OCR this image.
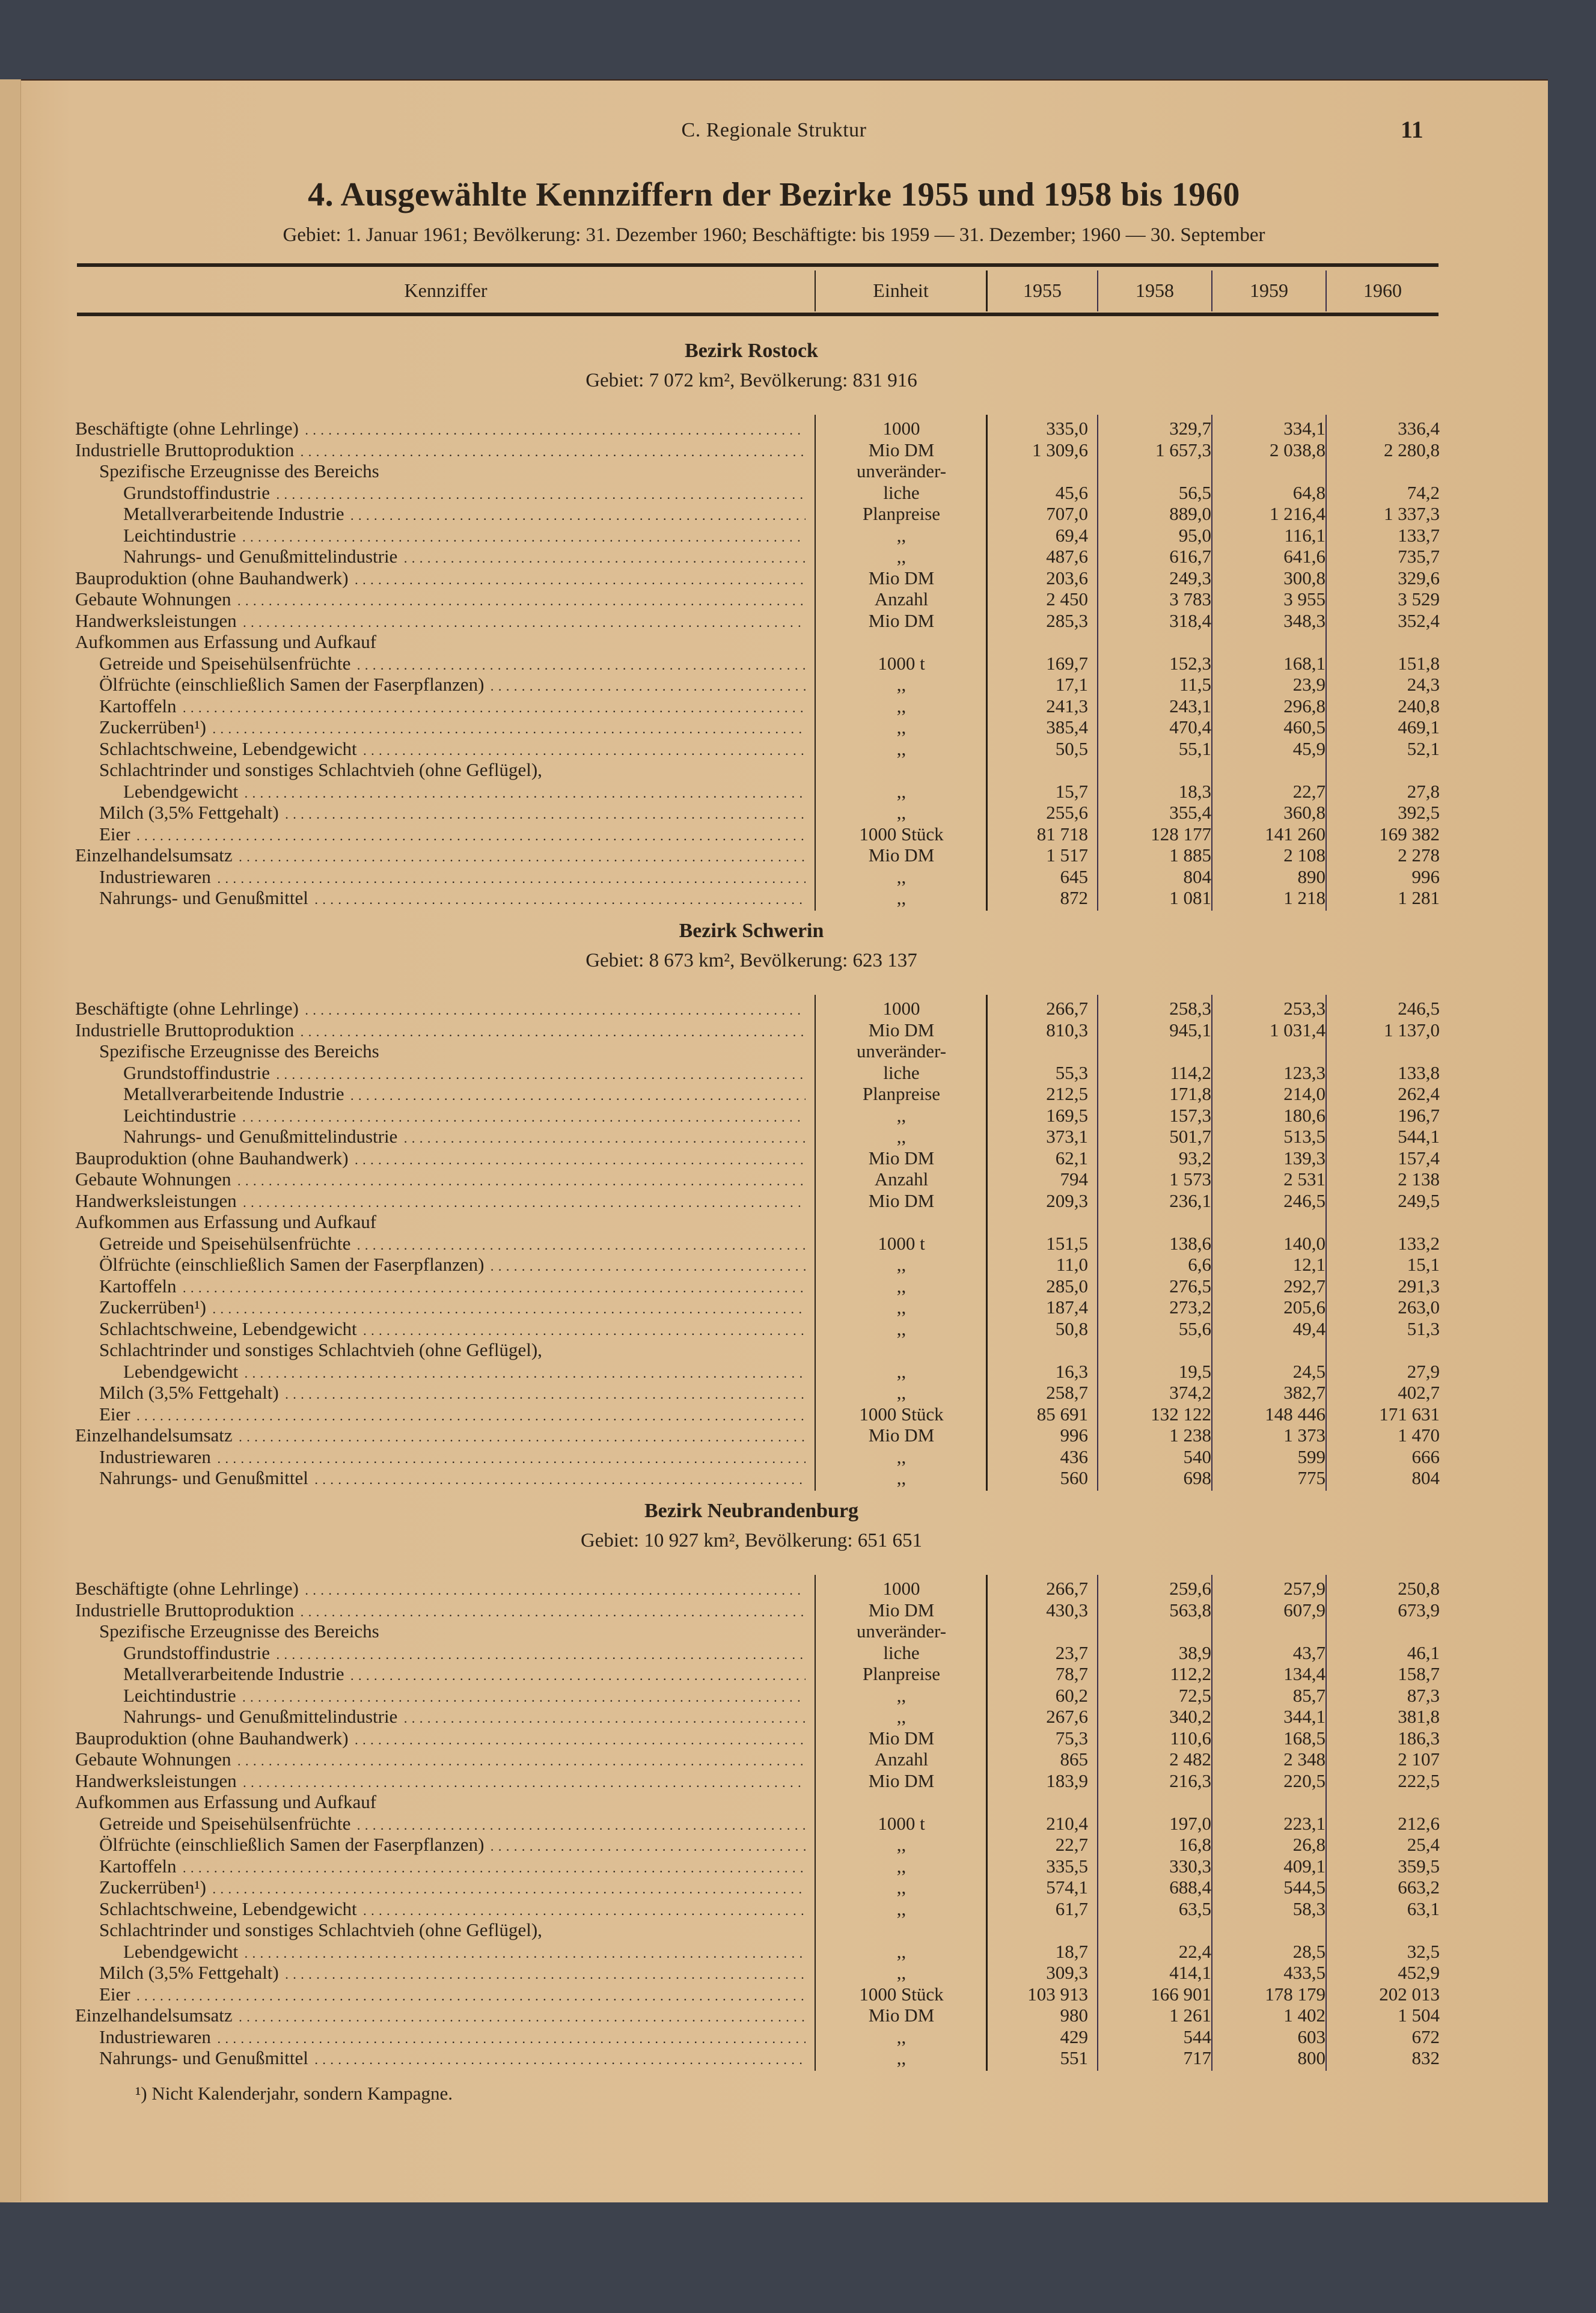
C. Regionale Struktur	11
4. Ausgewählte Kennziffern der Bezirke 1955 und 1958 bis 1960
Gebiet: 1. Januar 1961; Bevölkerung: 31. Dezember 1960; Beschäftigte: bis 1959 — 31. Dezember; 1960 — 30. September
Kennziffer	Einheit	1955	1958	1959	1960
Bezirk Rostock
Gebiet: 7 072 km², Bevölkerung: 831 916
Beschäftigte (ohne Lehrlinge) . . .	1000	335,0	329,7	334,1	336,4
Industrielle Bruttoproduktion . . .	Mio DM	1 309,6	1 657,3	2 038,8	2 280,8
Spezifische Erzeugnisse des Bereichs	unveränder-
Grundstoffindustrie . . .	liche	45,6	56,5	64,8	74,2
Metallverarbeitende Industrie . . .	Planpreise	707,0	889,0	1 216,4	1 337,3
Leichtindustrie . . .	,,	69,4	95,0	116,1	133,7
Nahrungs- und Genußmittelindustrie . . .	,,	487,6	616,7	641,6	735,7
Bauproduktion (ohne Bauhandwerk) . . .	Mio DM	203,6	249,3	300,8	329,6
Gebaute Wohnungen . . .	Anzahl	2 450	3 783	3 955	3 529
Handwerksleistungen . . .	Mio DM	285,3	318,4	348,3	352,4
Aufkommen aus Erfassung und Aufkauf
Getreide und Speisehülsenfrüchte . . .	1000 t	169,7	152,3	168,1	151,8
Ölfrüchte (einschließlich Samen der Faserpflanzen) . . .	,,	17,1	11,5	23,9	24,3
Kartoffeln . . .	,,	241,3	243,1	296,8	240,8
Zuckerrüben¹) . . .	,,	385,4	470,4	460,5	469,1
Schlachtschweine, Lebendgewicht . . .	,,	50,5	55,1	45,9	52,1
Schlachtrinder und sonstiges Schlachtvieh (ohne Geflügel),
Lebendgewicht . . .	,,	15,7	18,3	22,7	27,8
Milch (3,5% Fettgehalt) . . .	,,	255,6	355,4	360,8	392,5
Eier . . .	1000 Stück	81 718	128 177	141 260	169 382
Einzelhandelsumsatz . . .	Mio DM	1 517	1 885	2 108	2 278
Industriewaren . . .	,,	645	804	890	996
Nahrungs- und Genußmittel . . .	,,	872	1 081	1 218	1 281
Bezirk Schwerin
Gebiet: 8 673 km², Bevölkerung: 623 137
Beschäftigte (ohne Lehrlinge) . . .	1000	266,7	258,3	253,3	246,5
Industrielle Bruttoproduktion . . .	Mio DM	810,3	945,1	1 031,4	1 137,0
Spezifische Erzeugnisse des Bereichs	unveränder-
Grundstoffindustrie . . .	liche	55,3	114,2	123,3	133,8
Metallverarbeitende Industrie . . .	Planpreise	212,5	171,8	214,0	262,4
Leichtindustrie . . .	,,	169,5	157,3	180,6	196,7
Nahrungs- und Genußmittelindustrie . . .	,,	373,1	501,7	513,5	544,1
Bauproduktion (ohne Bauhandwerk) . . .	Mio DM	62,1	93,2	139,3	157,4
Gebaute Wohnungen . . .	Anzahl	794	1 573	2 531	2 138
Handwerksleistungen . . .	Mio DM	209,3	236,1	246,5	249,5
Aufkommen aus Erfassung und Aufkauf
Getreide und Speisehülsenfrüchte . . .	1000 t	151,5	138,6	140,0	133,2
Ölfrüchte (einschließlich Samen der Faserpflanzen) . . .	,,	11,0	6,6	12,1	15,1
Kartoffeln . . .	,,	285,0	276,5	292,7	291,3
Zuckerrüben¹) . . .	,,	187,4	273,2	205,6	263,0
Schlachtschweine, Lebendgewicht . . .	,,	50,8	55,6	49,4	51,3
Schlachtrinder und sonstiges Schlachtvieh (ohne Geflügel),
Lebendgewicht . . .	,,	16,3	19,5	24,5	27,9
Milch (3,5% Fettgehalt) . . .	,,	258,7	374,2	382,7	402,7
Eier . . .	1000 Stück	85 691	132 122	148 446	171 631
Einzelhandelsumsatz . . .	Mio DM	996	1 238	1 373	1 470
Industriewaren . . .	,,	436	540	599	666
Nahrungs- und Genußmittel . . .	,,	560	698	775	804
Bezirk Neubrandenburg
Gebiet: 10 927 km², Bevölkerung: 651 651
Beschäftigte (ohne Lehrlinge) . . .	1000	266,7	259,6	257,9	250,8
Industrielle Bruttoproduktion . . .	Mio DM	430,3	563,8	607,9	673,9
Spezifische Erzeugnisse des Bereichs	unveränder-
Grundstoffindustrie . . .	liche	23,7	38,9	43,7	46,1
Metallverarbeitende Industrie . . .	Planpreise	78,7	112,2	134,4	158,7
Leichtindustrie . . .	,,	60,2	72,5	85,7	87,3
Nahrungs- und Genußmittelindustrie . . .	,,	267,6	340,2	344,1	381,8
Bauproduktion (ohne Bauhandwerk) . . .	Mio DM	75,3	110,6	168,5	186,3
Gebaute Wohnungen . . .	Anzahl	865	2 482	2 348	2 107
Handwerksleistungen . . .	Mio DM	183,9	216,3	220,5	222,5
Aufkommen aus Erfassung und Aufkauf
Getreide und Speisehülsenfrüchte . . .	1000 t	210,4	197,0	223,1	212,6
Ölfrüchte (einschließlich Samen der Faserpflanzen) . . .	,,	22,7	16,8	26,8	25,4
Kartoffeln . . .	,,	335,5	330,3	409,1	359,5
Zuckerrüben¹) . . .	,,	574,1	688,4	544,5	663,2
Schlachtschweine, Lebendgewicht . . .	,,	61,7	63,5	58,3	63,1
Schlachtrinder und sonstiges Schlachtvieh (ohne Geflügel),
Lebendgewicht . . .	,,	18,7	22,4	28,5	32,5
Milch (3,5% Fettgehalt) . . .	,,	309,3	414,1	433,5	452,9
Eier . . .	1000 Stück	103 913	166 901	178 179	202 013
Einzelhandelsumsatz . . .	Mio DM	980	1 261	1 402	1 504
Industriewaren . . .	,,	429	544	603	672
Nahrungs- und Genußmittel . . .	,,	551	717	800	832
¹) Nicht Kalenderjahr, sondern Kampagne.
